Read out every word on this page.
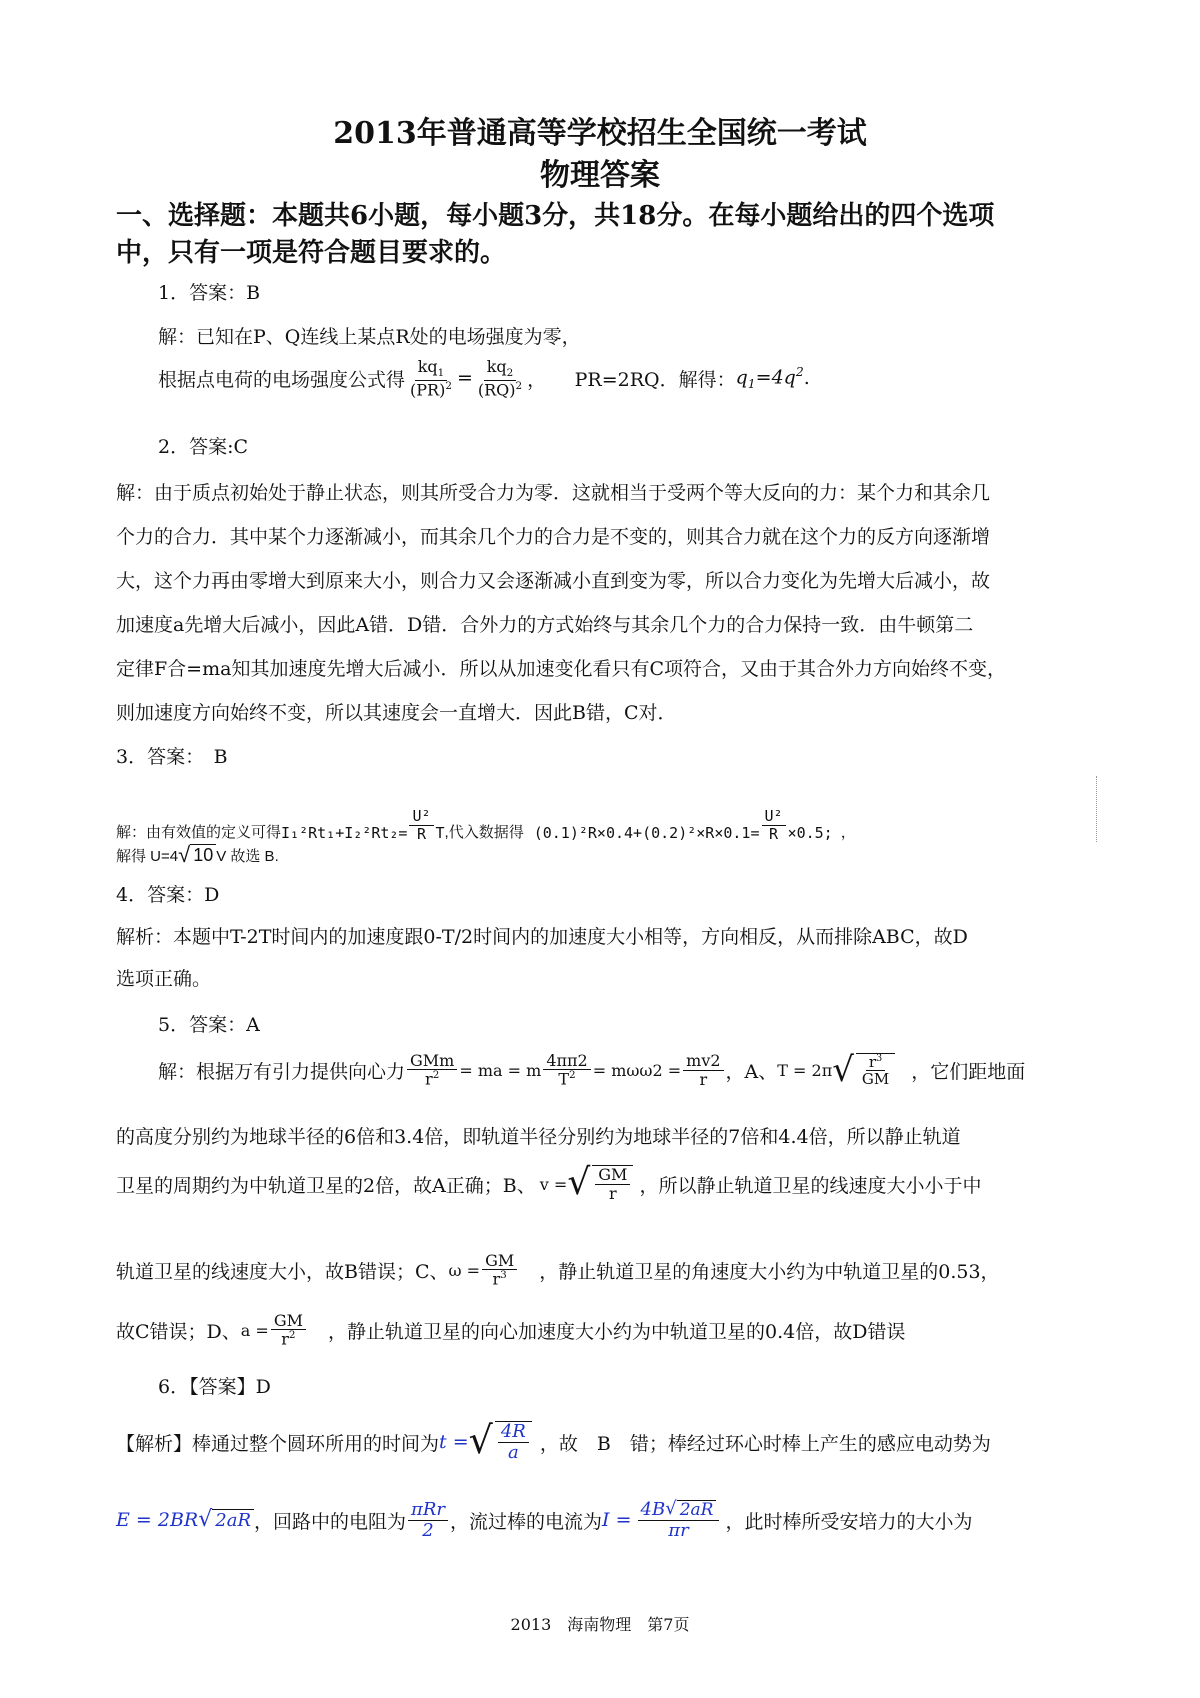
2013年普通高等学校招生全国统一考试
物理答案
一、选择题：本题共6小题，每小题3分，共18分。在每小题给出的四个选项
中，只有一项是符合题目要求的。
1．答案：B
解：已知在P、Q连线上某点R处的电场强度为零，
根据点电荷的电场强度公式得 $\frac{kq_1}{(PR)^2} = \frac{kq_2}{(RQ)^2}$ ，　　PR=2RQ．解得： $q_1=4q^2$ .
2．答案:C
解：由于质点初始处于静止状态，则其所受合力为零．这就相当于受两个等大反向的力：某个力和其余几
个力的合力．其中某个力逐渐减小，而其余几个力的合力是不变的，则其合力就在这个力的反方向逐渐增
大，这个力再由零增大到原来大小，则合力又会逐渐减小直到变为零，所以合力变化为先增大后减小，故
加速度a先增大后减小，因此A错．D错．合外力的方式始终与其余几个力的合力保持一致．由牛顿第二
定律F合=ma知其加速度先增大后减小．所以从加速变化看只有C项符合，又由于其合外力方向始终不变，
则加速度方向始终不变，所以其速度会一直增大．因此B错，C对．
3．答案：　B
解：由有效值的定义可得 $I_1^2Rt_1+I_2^2Rt_2= \frac{\text{U²}}{R}$ T ,代入数据得 $(0.1)^2R\times 0.4+(0.2)^2\times R\times 0.1= \frac{\text{U²}}{R} \times 0.5$; ，
解得 U=4 √ 10 V 故选 B.
4．答案：D
解析：本题中T-2T时间内的加速度跟0-T/2时间内的加速度大小相等，方向相反，从而排除ABC，故D
选项正确。
5．答案：A
解：根据万有引力提供向心力 $\frac{\text{GMm}}{r^2}$ = ma = m $\frac{4\pi\pi 2}{T^2} = m\omega\omega 2 = \frac{mv2}{r}$ ，A、 T = 2π √ $\frac{r^3}{GM}$ ，它们距地面
的高度分别约为地球半径的6倍和3.4倍，即轨道半径分别约为地球半径的7倍和4.4倍，所以静止轨道
卫星的周期约为中轨道卫星的2倍，故A正确；B、 v = √ $\frac{GM}{r}$ ，所以静止轨道卫星的线速度大小小于中
轨道卫星的线速度大小，故B错误；C、 $\omega = \frac{GM}{r^3}$ ，静止轨道卫星的角速度大小约为中轨道卫星的0.53，
故C错误；D、 $a = \frac{GM}{r^2}$ ，静止轨道卫星的向心加速度大小约为中轨道卫星的0.4倍，故D错误
6．【答案】D
【解析】棒通过整个圆环所用的时间为 t = √ $\frac{4R}{a}$ ，故　B　错；棒经过环心时棒上产生的感应电动势为
E = 2BR √ 2aR ，回路中的电阻为 $\frac{\text{πRr}}{2}$ ，流过棒的电流为 $I = \frac{4B √ 2aR}{\pi r}$ ，此时棒所受安培力的大小为
2013　海南物理　第7页
